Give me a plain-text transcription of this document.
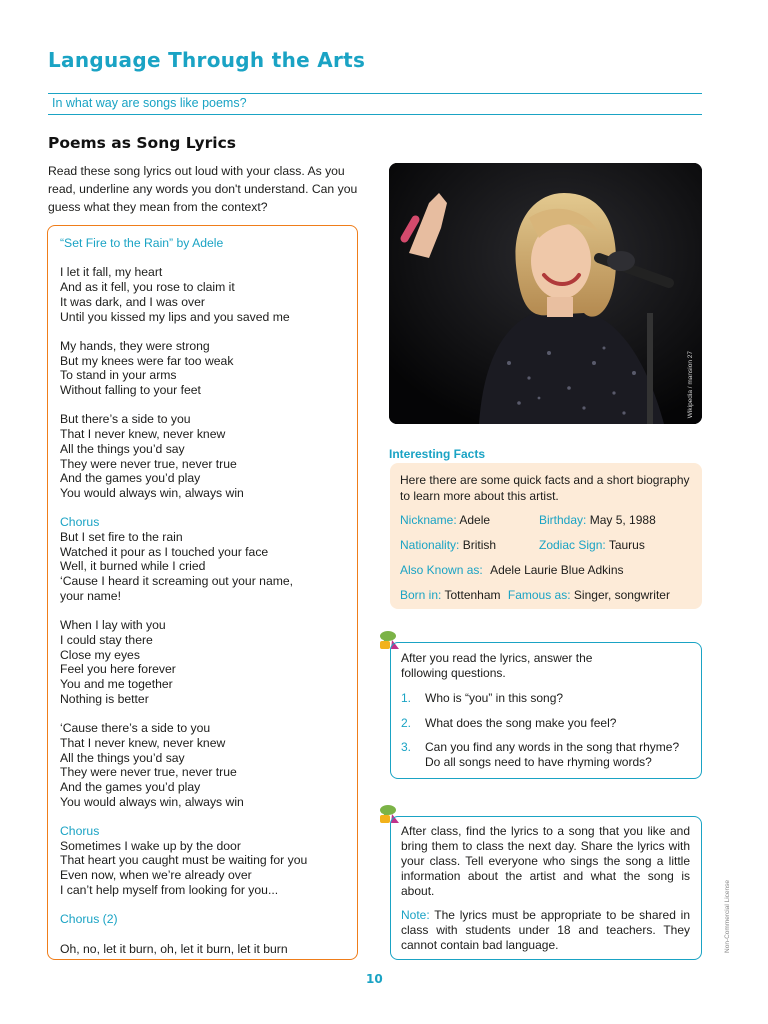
Language Through the Arts
In what way are songs like poems?
Poems as Song Lyrics
Read these song lyrics out loud with your class. As you read, underline any words you don't understand. Can you guess what they mean from the context?
“Set Fire to the Rain” by Adele
I let it fall, my heart
And as it fell, you rose to claim it
It was dark, and I was over
Until you kissed my lips and you saved me
My hands, they were strong
But my knees were far too weak
To stand in your arms
Without falling to your feet
But there’s a side to you
That I never knew, never knew
All the things you’d say
They were never true, never true
And the games you’d play
You would always win, always win
Chorus
But I set fire to the rain
Watched it pour as I touched your face
Well, it burned while I cried
‘Cause I heard it screaming out your name,
your name!
When I lay with you
I could stay there
Close my eyes
Feel you here forever
You and me together
Nothing is better
‘Cause there’s a side to you
That I never knew, never knew
All the things you’d say
They were never true, never true
And the games you’d play
You would always win, always win
Chorus
Sometimes I wake up by the door
That heart you caught must be waiting for you
Even now, when we’re already over
I can’t help myself from looking for you...
Chorus (2)
Oh, no, let it burn, oh, let it burn, let it burn
Wikipedia / mansion 27
Interesting Facts
Here there are some quick facts and a short biography to learn more about this artist.
Nickname: Adele	Birthday: May 5, 1988
Nationality: British	Zodiac Sign: Taurus
Also Known as: Adele Laurie Blue Adkins
Born in: Tottenham Famous as: Singer, songwriter
After you read the lyrics, answer the following questions.
1. Who is “you” in this song?
2. What does the song make you feel?
3. Can you find any words in the song that rhyme? Do all songs need to have rhyming words?
After class, find the lyrics to a song that you like and bring them to class the next day. Share the lyrics with your class. Tell everyone who sings the song a little information about the artist and what the song is about.
Note: The lyrics must be appropriate to be shared in class with students under 18 and teachers. They cannot contain bad language.	Non-Commercial License
10
